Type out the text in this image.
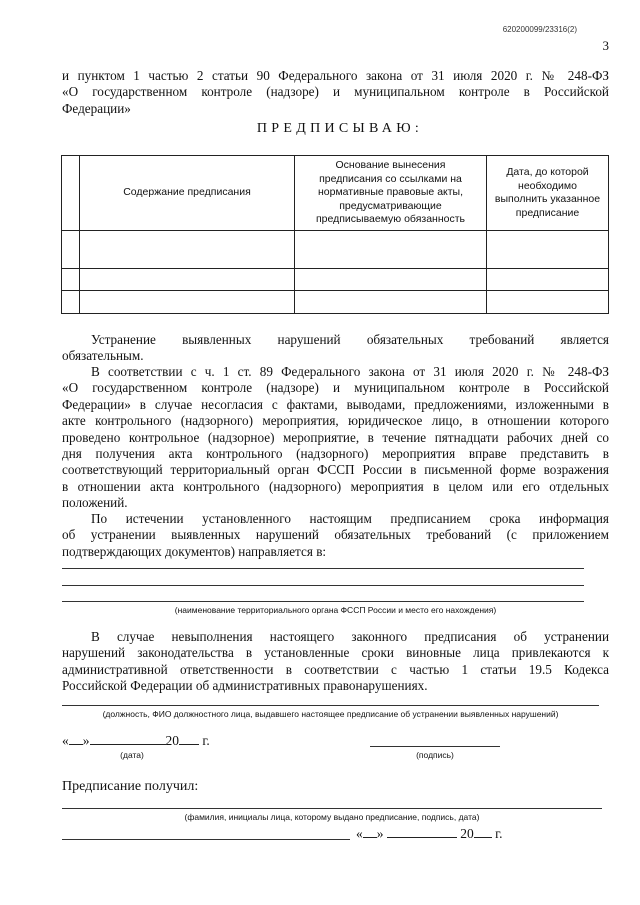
620200099/23316(2)
3
и пунктом 1 частью 2 статьи 90 Федерального закона от 31 июля 2020 г. № 248-ФЗ
«О государственном контроле (надзоре) и муниципальном контроле в Российской
Федерации»
ПРЕДПИСЫВАЮ:
	Содержание предписания	Основание вынесения предписания со ссылками на нормативные правовые акты, предусматривающие предписываемую обязанность	Дата, до которой необходимо выполнить указанное предписание

Устранение выявленных нарушений обязательных требований является
обязательным.
В соответствии с ч. 1 ст. 89 Федерального закона от 31 июля 2020 г. № 248-ФЗ
«О государственном контроле (надзоре) и муниципальном контроле в Российской
Федерации» в случае несогласия с фактами, выводами, предложениями, изложенными в
акте контрольного (надзорного) мероприятия, юридическое лицо, в отношении которого
проведено контрольное (надзорное) мероприятие, в течение пятнадцати рабочих дней со
дня получения акта контрольного (надзорного) мероприятия вправе представить в
соответствующий территориальный орган ФССП России в письменной форме возражения
в отношении акта контрольного (надзорного) мероприятия в целом или его отдельных
положений.
По истечении установленного настоящим предписанием срока информация
об устранении выявленных нарушений обязательных требований (с приложением
подтверждающих документов) направляется в:
(наименование территориального органа ФССП России и место его нахождения)
В случае невыполнения настоящего законного предписания об устранении
нарушений законодательства в установленные сроки виновные лица привлекаются к
административной ответственности в соответствии с частью 1 статьи 19.5 Кодекса
Российской Федерации об административных правонарушениях.
(должность, ФИО должностного лица, выдавшего настоящее предписание об устранении выявленных нарушений)
« »	20 г.
(дата)	(подпись)
Предписание получил:
(фамилия, инициалы лица, которому выдано предписание, подпись, дата)
« »	20 г.
